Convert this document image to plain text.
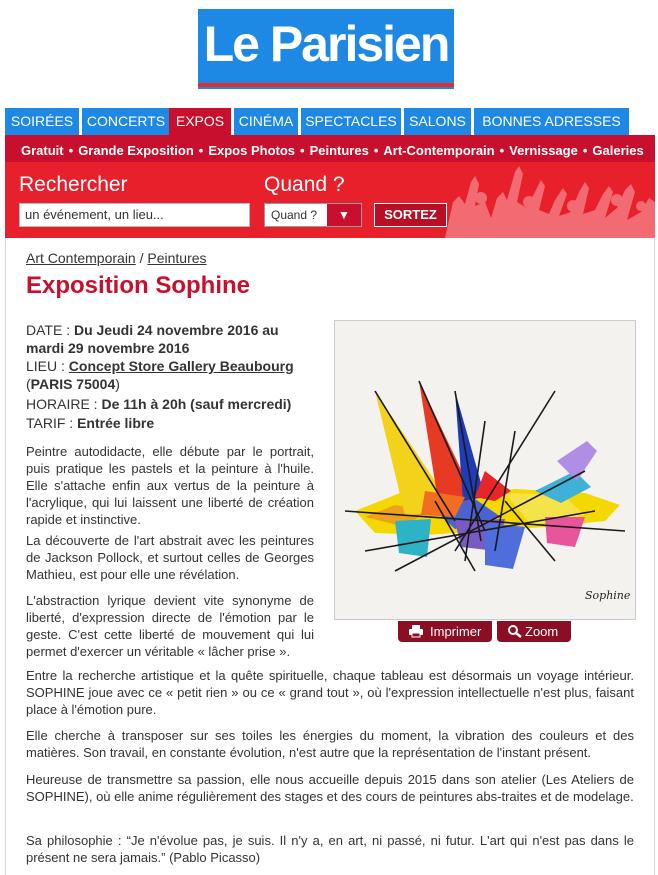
Le Parisien
SOIRÉES CONCERTS EXPOS	CINÉMA SPECTACLES SALONS	BONNES ADRESSES
Gratuit • Grande Exposition • Expos Photos • Peintures • Art-Contemporain • Vernissage • Galeries
Rechercher	Quand ?
un événement, un lieu...	Quand ?	▼	SORTEZ
Art Contemporain / Peintures
Exposition Sophine
DATE : Du Jeudi 24 novembre 2016 au
mardi 29 novembre 2016
LIEU : Concept Store Gallery Beaubourg
(PARIS 75004)
HORAIRE : De 11h à 20h (sauf mercredi)
TARIF : Entrée libre

Peintre autodidacte, elle débute par le portrait, puis pratique les pastels et la peinture à l'huile. Elle s'attache enfin aux vertus de la peinture à l'acrylique, qui lui laissent une liberté de création rapide et instinctive.

La découverte de l'art abstrait avec les peintures de Jackson Pollock, et surtout celles de Georges Mathieu, est pour elle une révélation.

L'abstraction lyrique devient vite synonyme de liberté, d'expression directe de l'émotion par le geste. C'est cette liberté de mouvement qui lui permet d'exercer un véritable « lâcher prise ».

Sophine
Imprimer	Zoom

Entre la recherche artistique et la quête spirituelle, chaque tableau est désormais un voyage intérieur. SOPHINE joue avec ce « petit rien » ou ce « grand tout », où l'expression intellectuelle n'est plus, faisant place à l'émotion pure.

Elle cherche à transposer sur ses toiles les énergies du moment, la vibration des couleurs et des matières. Son travail, en constante évolution, n'est autre que la représentation de l'instant présent.

Heureuse de transmettre sa passion, elle nous accueille depuis 2015 dans son atelier (Les Ateliers de SOPHINE), où elle anime régulièrement des stages et des cours de peintures abs-traites et de modelage.

Sa philosophie : “Je n'évolue pas, je suis. Il n'y a, en art, ni passé, ni futur. L'art qui n'est pas dans le présent ne sera jamais.” (Pablo Picasso)
